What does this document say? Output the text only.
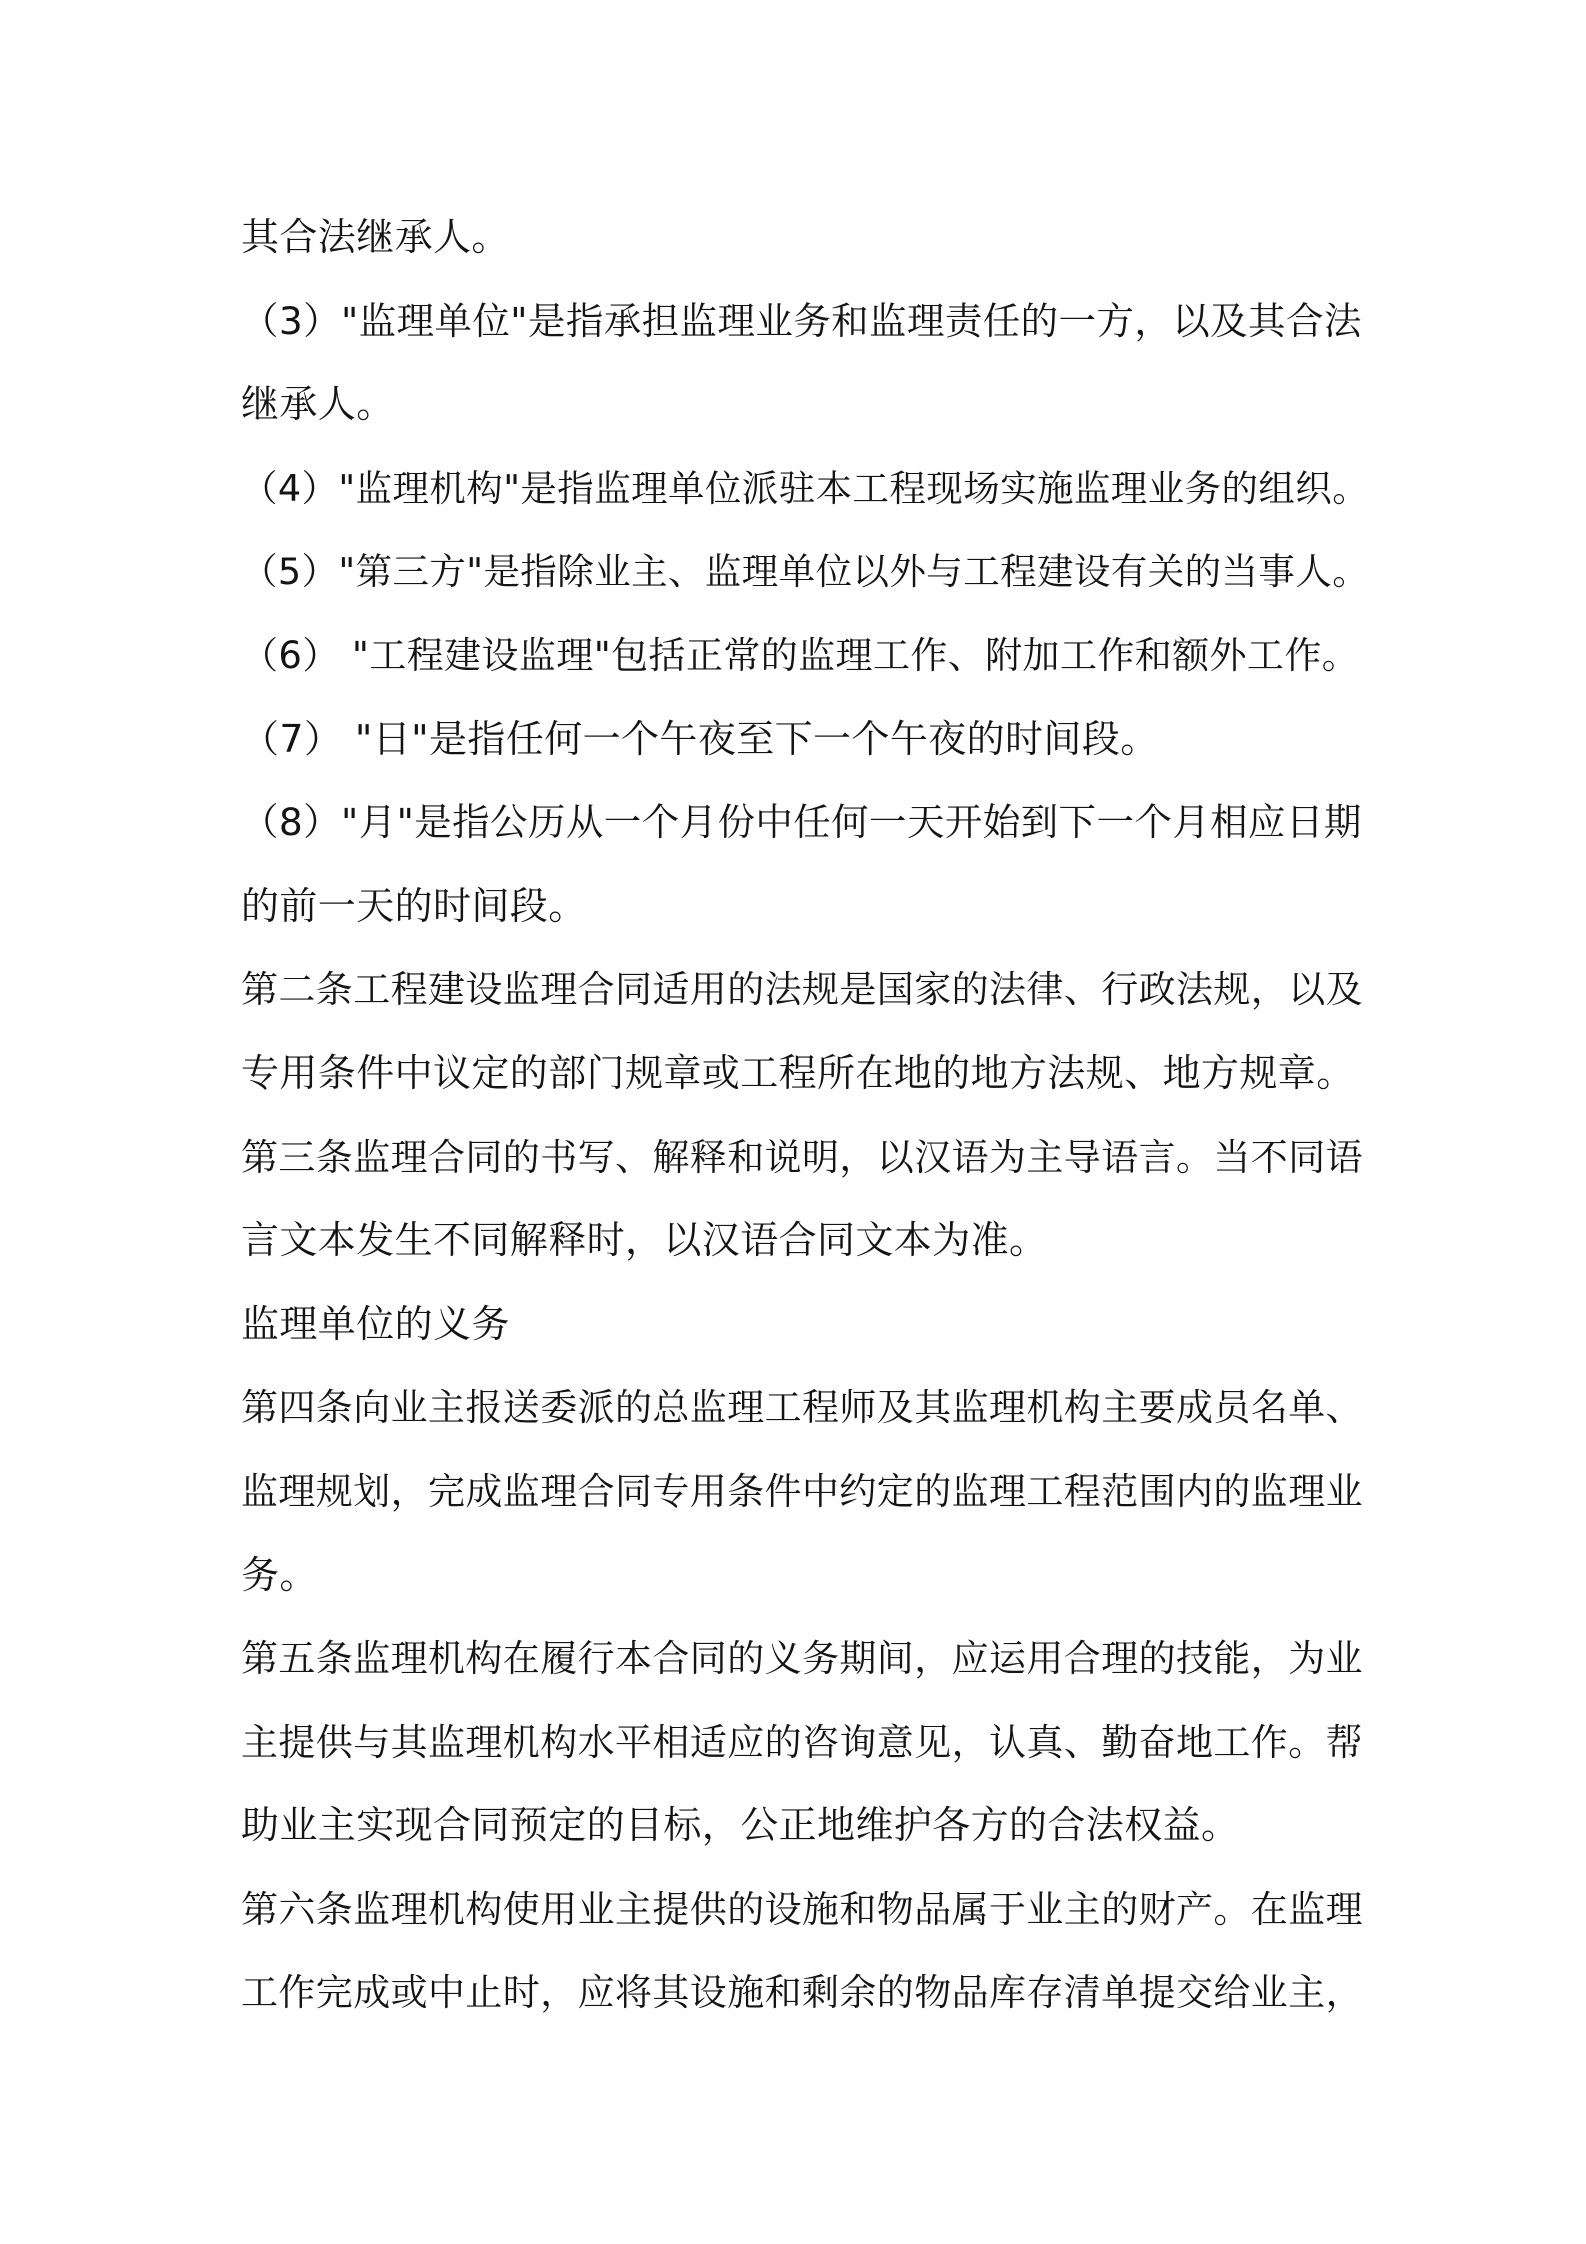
其合法继承人。
（3）"监理单位"是指承担监理业务和监理责任的一方，以及其合法
继承人。
（4）"监理机构"是指监理单位派驻本工程现场实施监理业务的组织。
（5）"第三方"是指除业主、监理单位以外与工程建设有关的当事人。
（6） "工程建设监理"包括正常的监理工作、附加工作和额外工作。
（7） "日"是指任何一个午夜至下一个午夜的时间段。
（8）"月"是指公历从一个月份中任何一天开始到下一个月相应日期
的前一天的时间段。
第二条工程建设监理合同适用的法规是国家的法律、行政法规，以及
专用条件中议定的部门规章或工程所在地的地方法规、地方规章。
第三条监理合同的书写、解释和说明，以汉语为主导语言。当不同语
言文本发生不同解释时，以汉语合同文本为准。
监理单位的义务
第四条向业主报送委派的总监理工程师及其监理机构主要成员名单、
监理规划，完成监理合同专用条件中约定的监理工程范围内的监理业
务。
第五条监理机构在履行本合同的义务期间，应运用合理的技能，为业
主提供与其监理机构水平相适应的咨询意见，认真、勤奋地工作。帮
助业主实现合同预定的目标，公正地维护各方的合法权益。
第六条监理机构使用业主提供的设施和物品属于业主的财产。在监理
工作完成或中止时，应将其设施和剩余的物品库存清单提交给业主，
